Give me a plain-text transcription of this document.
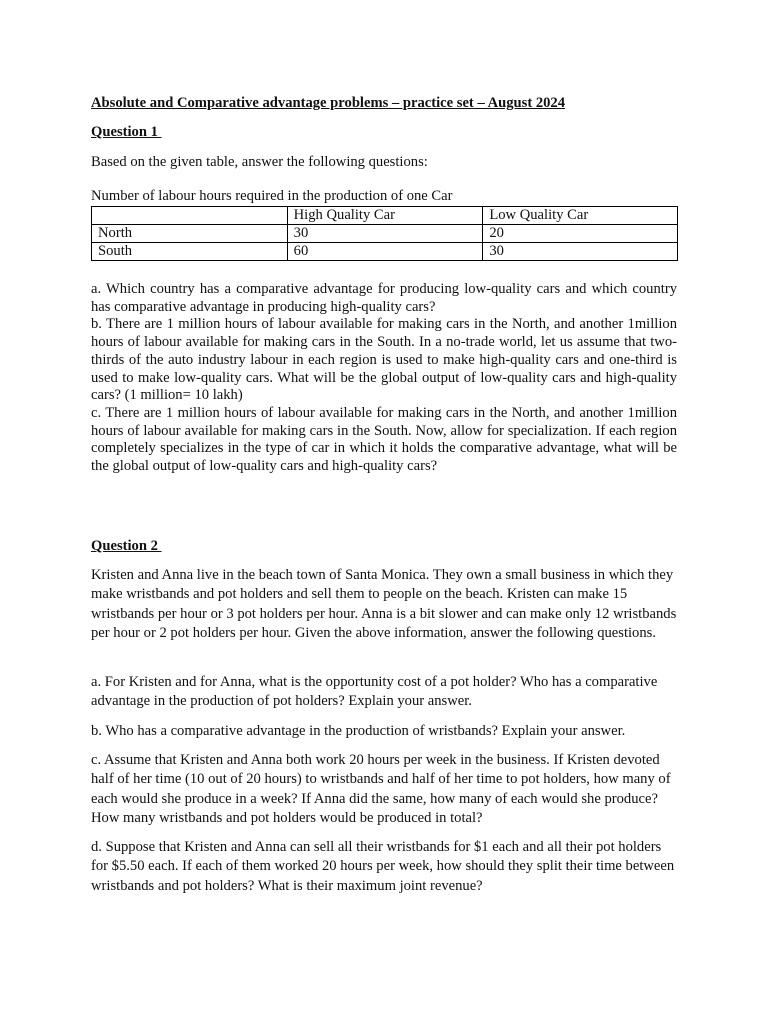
Absolute and Comparative advantage problems – practice set – August 2024
Question 1
Based on the given table, answer the following questions:
Number of labour hours required in the production of one Car
	High Quality Car	Low Quality Car
North	30	20
South	60	30

a. Which country has a comparative advantage for producing low-quality cars and which country has comparative advantage in producing high-quality cars?

b. There are 1 million hours of labour available for making cars in the North, and another 1million hours of labour available for making cars in the South. In a no-trade world, let us assume that two-thirds of the auto industry labour in each region is used to make high-quality cars and one-third is used to make low-quality cars. What will be the global output of low-quality cars and high-quality cars? (1 million= 10 lakh)

c. There are 1 million hours of labour available for making cars in the North, and another 1million hours of labour available for making cars in the South. Now, allow for specialization. If each region completely specializes in the type of car in which it holds the comparative advantage, what will be the global output of low-quality cars and high-quality cars?

Question 2

Kristen and Anna live in the beach town of Santa Monica. They own a small business in which they make wristbands and pot holders and sell them to people on the beach. Kristen can make 15 wristbands per hour or 3 pot holders per hour. Anna is a bit slower and can make only 12 wristbands per hour or 2 pot holders per hour. Given the above information, answer the following questions.

a. For Kristen and for Anna, what is the opportunity cost of a pot holder? Who has a comparative advantage in the production of pot holders? Explain your answer.

b. Who has a comparative advantage in the production of wristbands? Explain your answer.

c. Assume that Kristen and Anna both work 20 hours per week in the business. If Kristen devoted half of her time (10 out of 20 hours) to wristbands and half of her time to pot holders, how many of each would she produce in a week? If Anna did the same, how many of each would she produce? How many wristbands and pot holders would be produced in total?

d. Suppose that Kristen and Anna can sell all their wristbands for $1 each and all their pot holders for $5.50 each. If each of them worked 20 hours per week, how should they split their time between wristbands and pot holders? What is their maximum joint revenue?
